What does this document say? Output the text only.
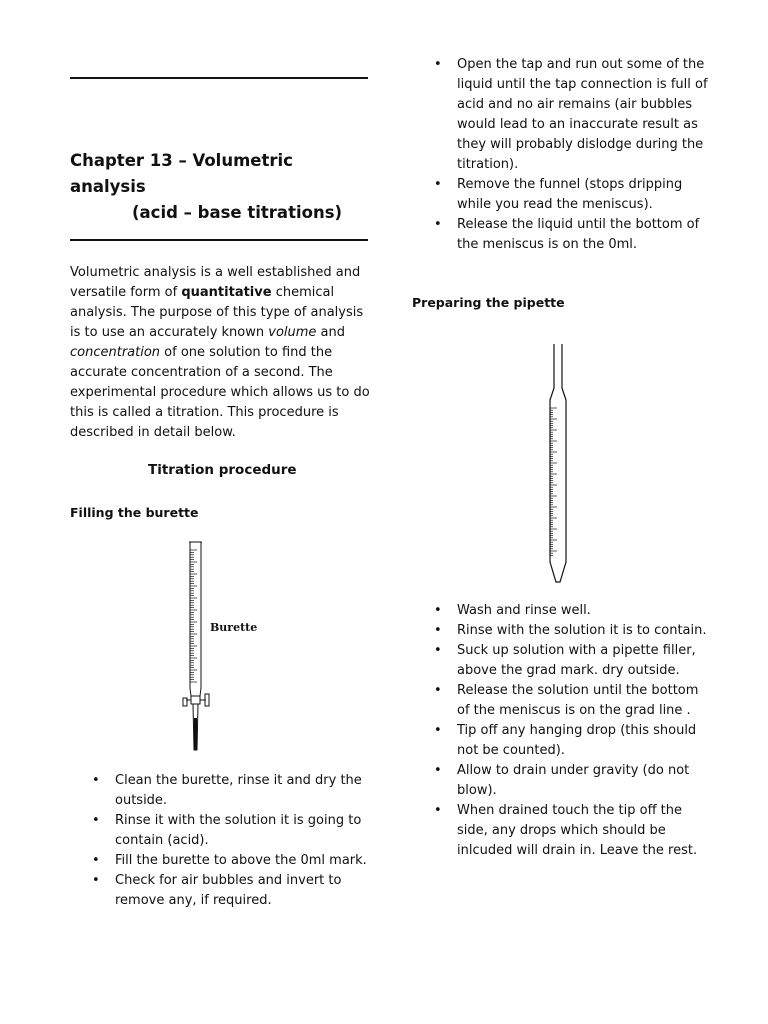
Chapter 13 – Volumetric analysis
(acid – base titrations)
Volumetric analysis is a well established and versatile form of quantitative chemical analysis. The purpose of this type of analysis is to use an accurately known volume and concentration of one solution to find the accurate concentration of a second. The experimental procedure which allows us to do this is called a titration. This procedure is described in detail below.
Titration procedure
Filling the burette
Burette
• Clean the burette, rinse it and dry the outside.
• Rinse it with the solution it is going to contain (acid).
• Fill the burette to above the 0ml mark.
• Check for air bubbles and invert to remove any, if required.
• Open the tap and run out some of the liquid until the tap connection is full of acid and no air remains (air bubbles would lead to an inaccurate result as they will probably dislodge during the titration).
• Remove the funnel (stops dripping while you read the meniscus).
• Release the liquid until the bottom of the meniscus is on the 0ml.
Preparing the pipette
• Wash and rinse well.
• Rinse with the solution it is to contain.
• Suck up solution with a pipette filler, above the grad mark. dry outside.
• Release the solution until the bottom of the meniscus is on the grad line .
• Tip off any hanging drop (this should not be counted).
• Allow to drain under gravity (do not blow).
• When drained touch the tip off the side, any drops which should be inlcuded will drain in. Leave the rest.
